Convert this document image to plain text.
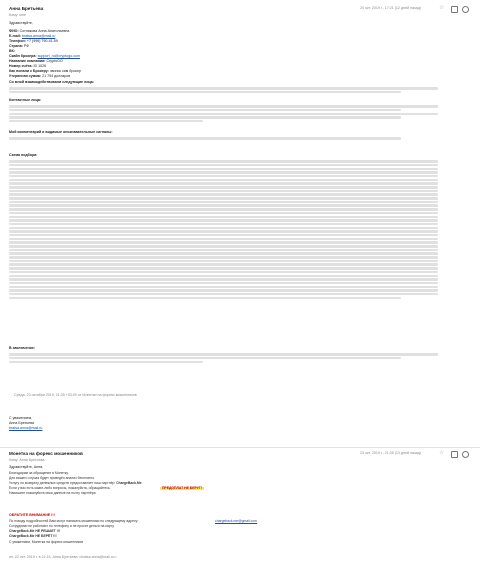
Анна Бретьева
Кому: мне
24 окт. 2019 г., 17:21 (12 дней назад)	☆
Здравствуйте,
ФИО: Сотникова Анна Анатольевна
E-mail: bratsa.anna@mail.ru
Телефон: +7 (996) 790-41-59
Страна: РФ
ВК:
Скайп брокера: support_ru@cryptogo.com
Название компании: CryptoGO
Номер счёта: ID 1026
Как попали к Брокеру: звонок сам брокер
Утерянная сумма: 21 794 долларов
Со мной взаимодействовали следующие лица:
Контактные лица:
Мой комментарий и видимые опознавательные сигналы:
Схема подбора:
В заключение:
Среда, 23 октября 2019, 21:35 +03:00 от Монетки на форекс мошенников
С уважением,
Анна Бретьева
bratsa.anna@mail.ru
Монетка на форекс мошенников
Кому: Анна Бретьева
23 окт. 2019 г., 21:35 (13 дней назад)	☆
Здравствуйте, Анна,
Благодарим за обращение в Монетку.
Для вашего случая будет проведён анализ бесплатно.
Услугу по возврату денежных средств предоставляет наш партнёр: ChargeBack.Me
Если у вас есть какие-либо вопросы, пожалуйста, обращайтесь.
Напишите пожалуйста свои данные на почту партнёра.
ПРЕДОПЛАТ НЕ БЕРУТ!
ОБРАТИТЕ ВНИМАНИЕ !!!
По поводу подробностей Вам могут написать мошенники по следующему адресу:	chargeback.me@gmail.com
Сотрудники не работают по телефону и не просят деньги на карту.
ChargeBack.Me НЕ РЕШАЕТ !!!
ChargeBack.Me НЕ БЕРЁТ !!!
С уважением, Монетка на форекс мошенников
пн. 22 окт. 2019 г. в 21:15, Анна Бретьева <bratsa.anna@mail.ru>:
